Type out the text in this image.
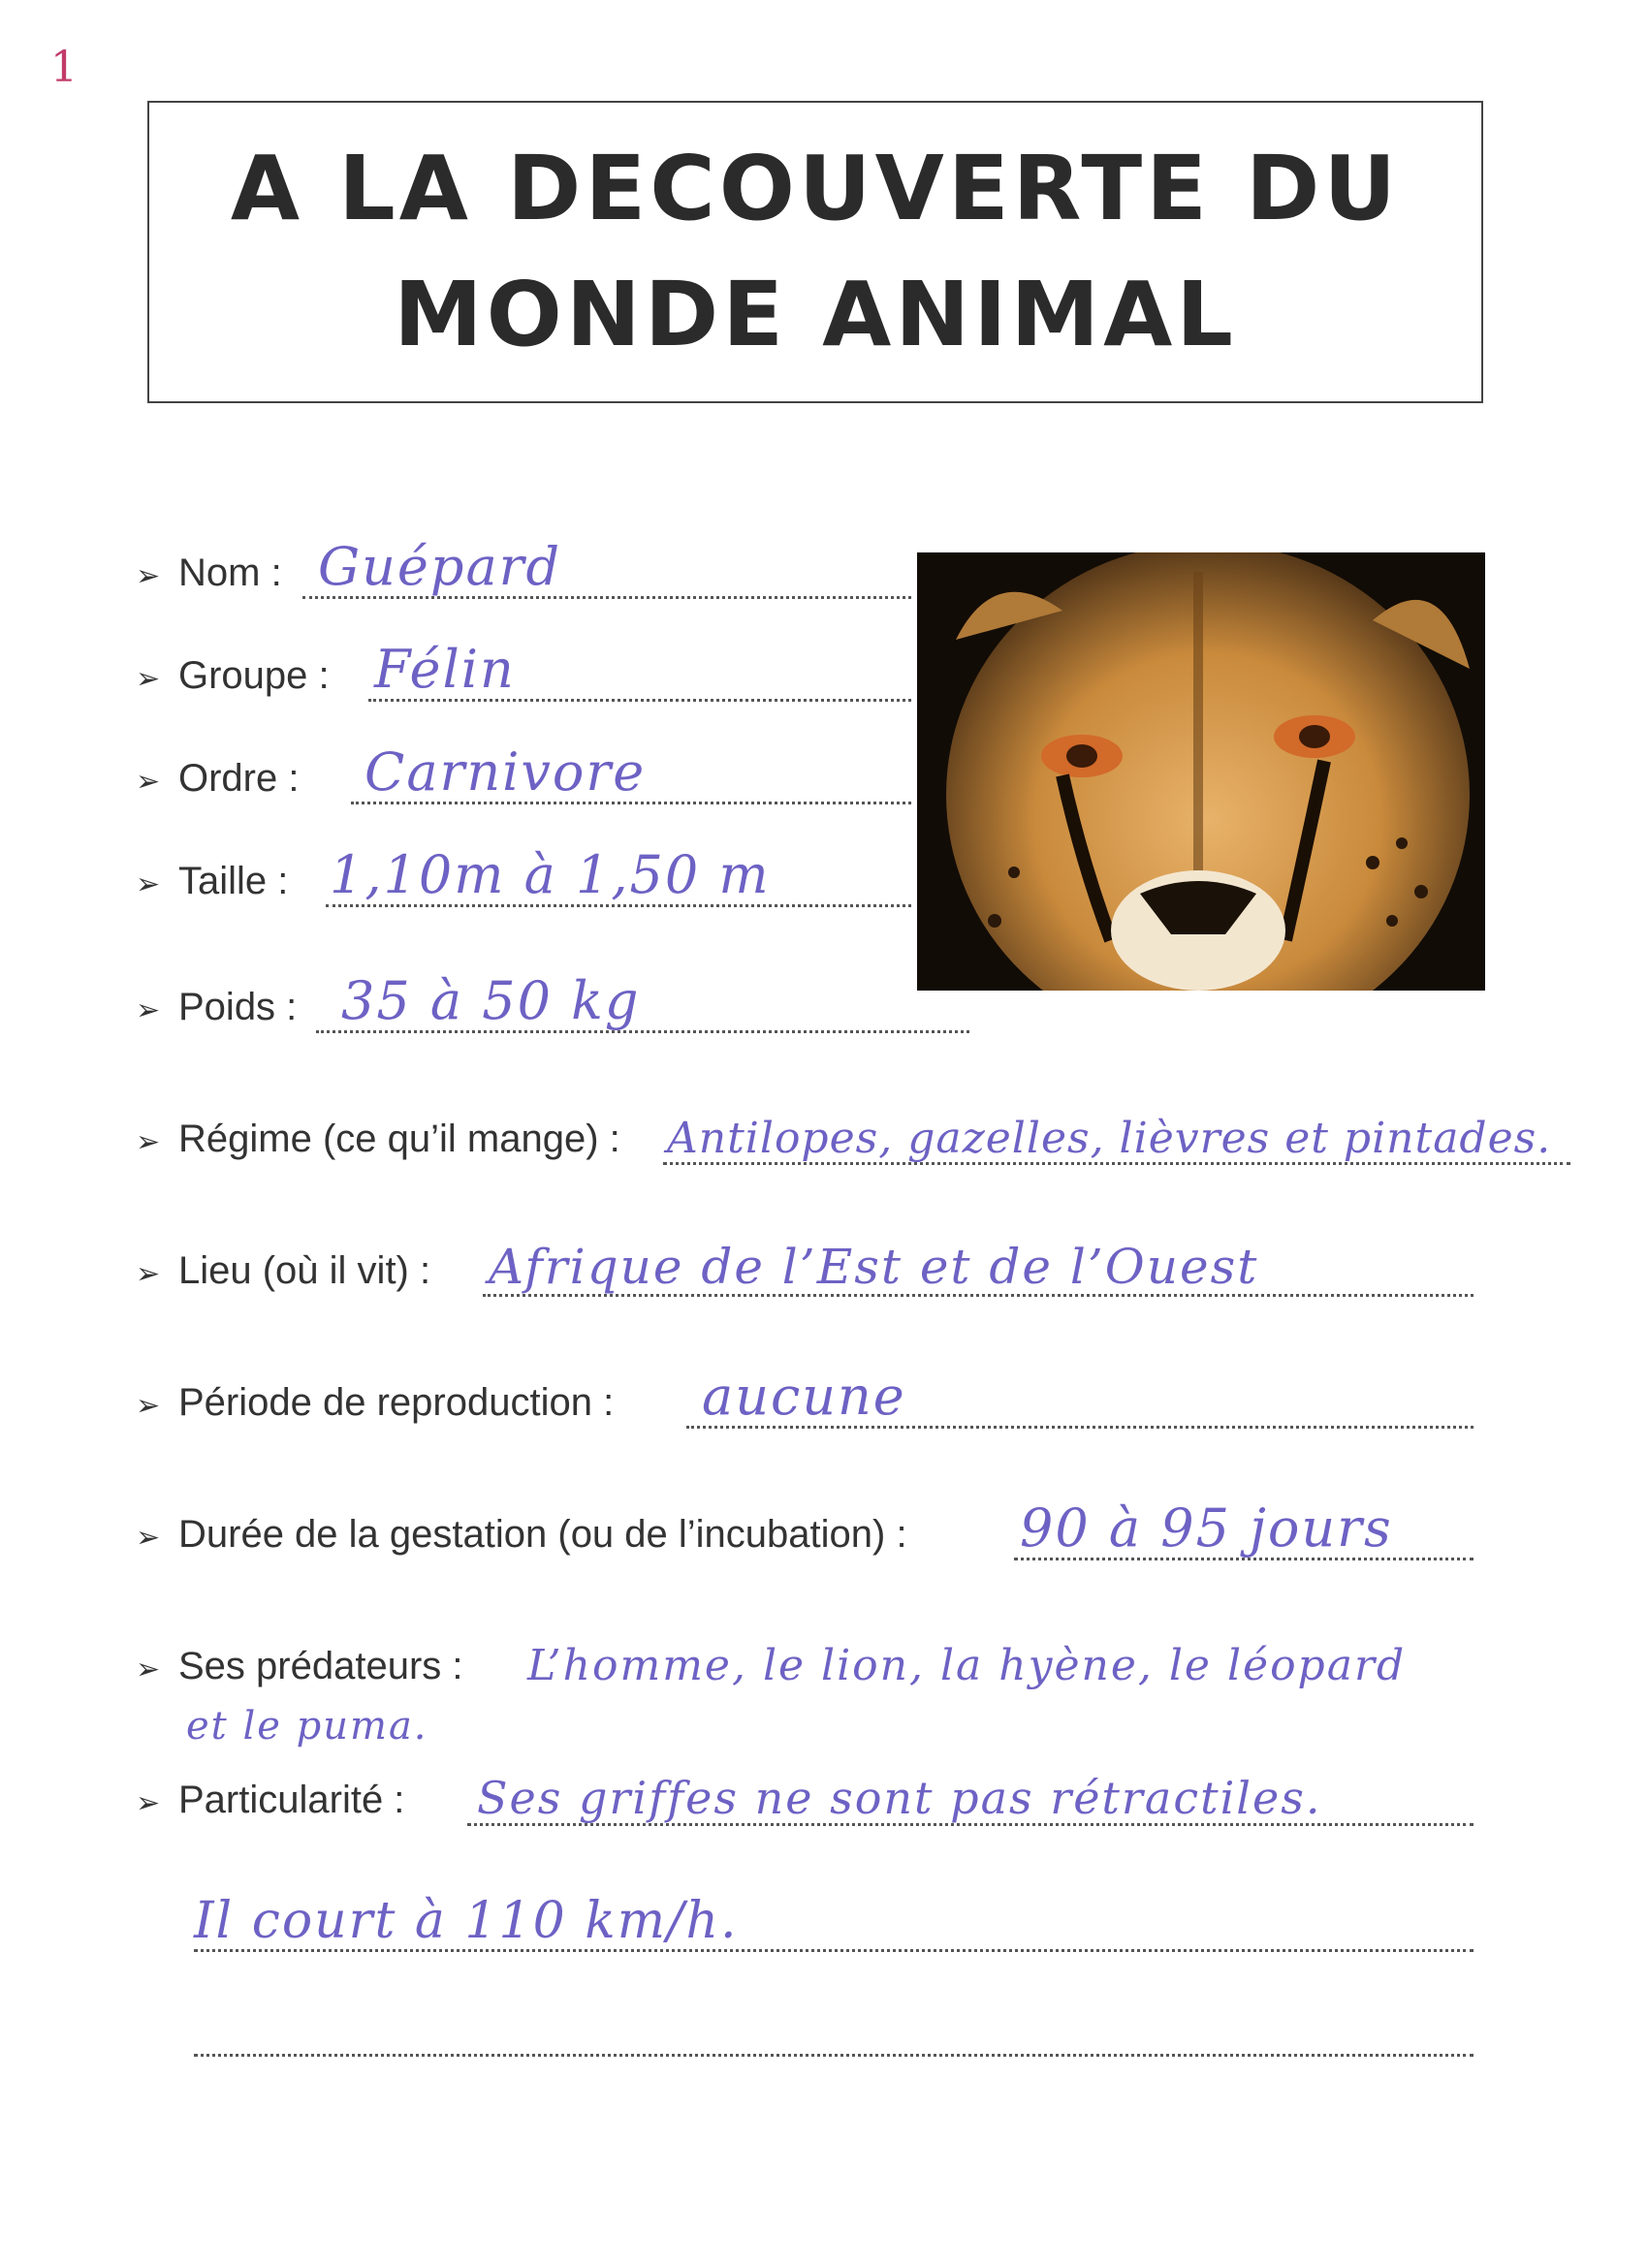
1
A LA DECOUVERTE DU
MONDE ANIMAL
➢ Nom : Guépard
➢ Groupe : Félin
➢ Ordre : Carnivore
➢ Taille : 1,10m à 1,50 m
➢ Poids : 35 à 50 kg
➢ Régime (ce qu’il mange) : Antilopes, gazelles, lièvres et pintades.
➢ Lieu (où il vit) : Afrique de l’Est et de l’Ouest
➢ Période de reproduction : aucune
➢ Durée de la gestation (ou de l’incubation) : 90 à 95 jours
➢ Ses prédateurs : L’homme, le lion, la hyène, le léopard
et le puma.
➢ Particularité : Ses griffes ne sont pas rétractiles.
Il court à 110 km/h.
